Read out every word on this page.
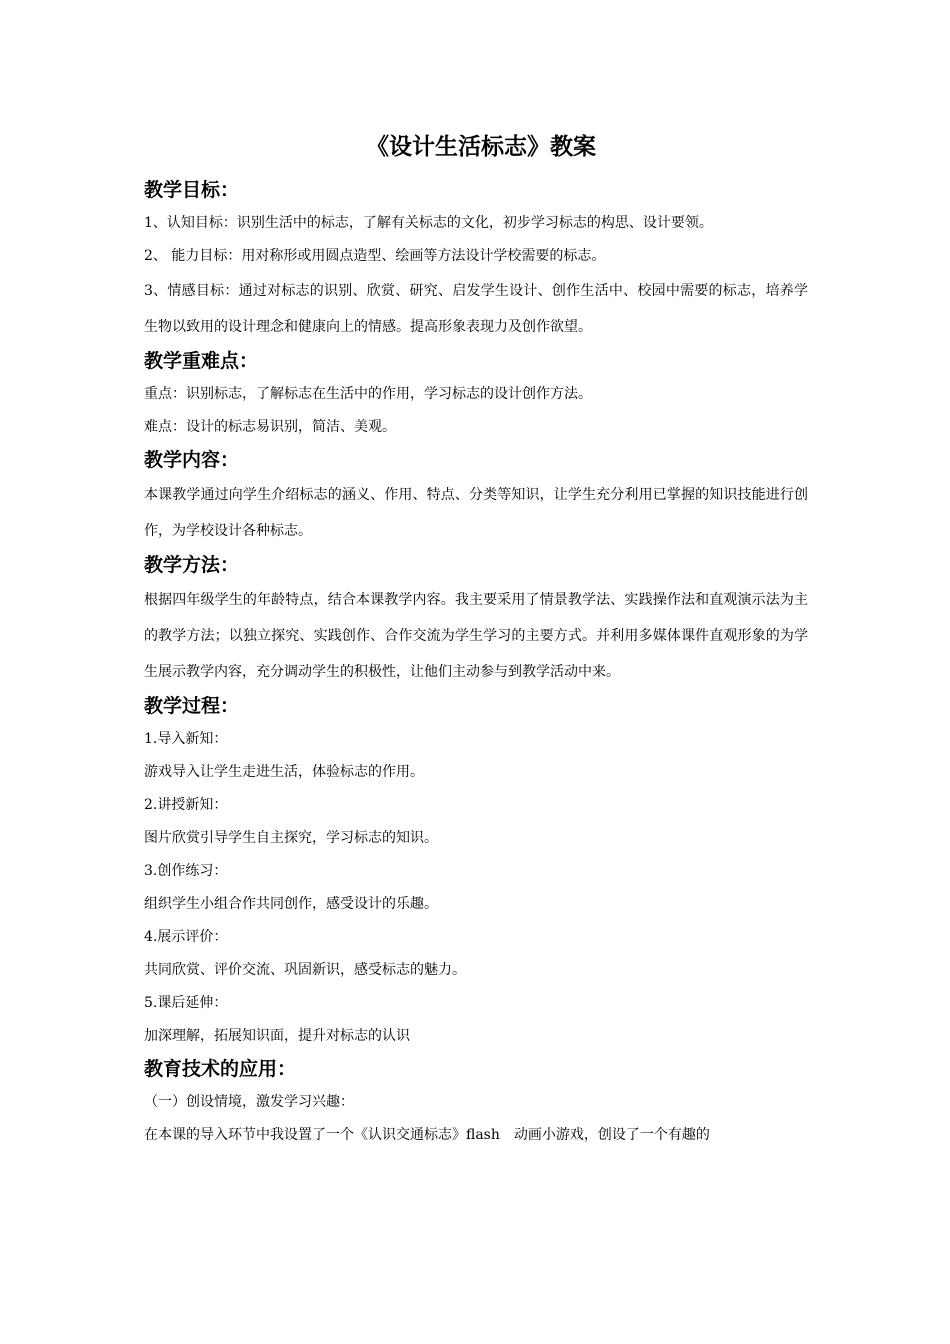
《设计生活标志》教案
教学目标：

1、认知目标：识别生活中的标志，了解有关标志的文化，初步学习标志的构思、设计要领。

2、 能力目标：用对称形或用圆点造型、绘画等方法设计学校需要的标志。

3、情感目标：通过对标志的识别、欣赏、研究、启发学生设计、创作生活中、校园中需要的标志，培养学生物以致用的设计理念和健康向上的情感。提高形象表现力及创作欲望。

教学重难点：

重点：识别标志，了解标志在生活中的作用，学习标志的设计创作方法。

难点：设计的标志易识别，简洁、美观。

教学内容：

本课教学通过向学生介绍标志的涵义、作用、特点、分类等知识，让学生充分利用已掌握的知识技能进行创作，为学校设计各种标志。

教学方法：

根据四年级学生的年龄特点，结合本课教学内容。我主要采用了情景教学法、实践操作法和直观演示法为主的教学方法；以独立探究、实践创作、合作交流为学生学习的主要方式。并利用多媒体课件直观形象的为学生展示教学内容，充分调动学生的积极性，让他们主动参与到教学活动中来。

教学过程：

1.导入新知：

游戏导入让学生走进生活，体验标志的作用。

2.讲授新知：

图片欣赏引导学生自主探究，学习标志的知识。

3.创作练习：

组织学生小组合作共同创作，感受设计的乐趣。

4.展示评价：

共同欣赏、评价交流、巩固新识，感受标志的魅力。

5.课后延伸：

加深理解，拓展知识面，提升对标志的认识

教育技术的应用：

（一）创设情境，激发学习兴趣：

在本课的导入环节中我设置了一个《认识交通标志》flash　动画小游戏，创设了一个有趣的
